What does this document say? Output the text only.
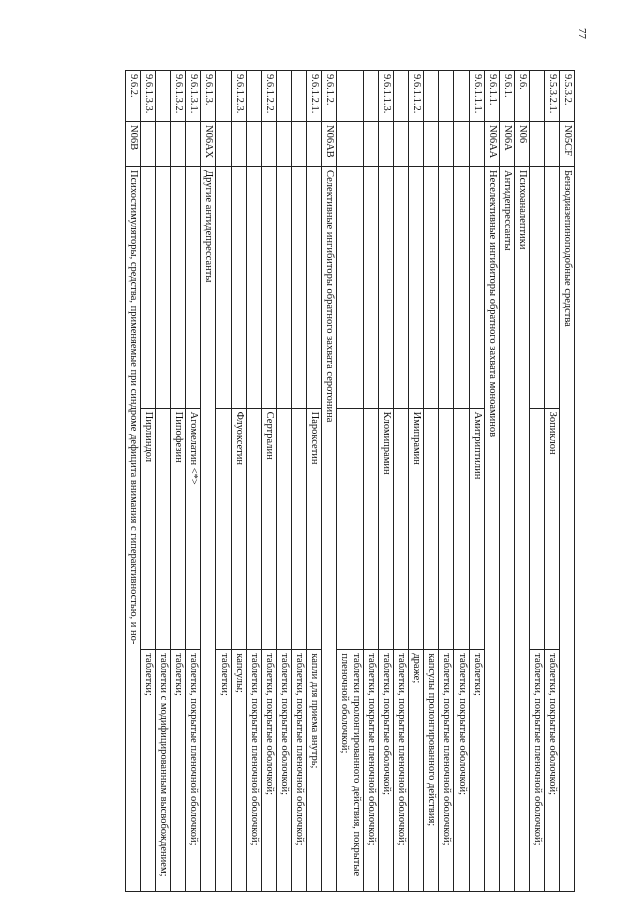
77
9.5.3.2.	N05CF	Бензодиазепиноподобные средства		
9.5.3.2.1.			Зопиклон	таблетки, покрытые оболочкой;
				таблетки, покрытые пленочной оболочкой;
9.6.	N06	Психоаналептики		
9.6.1.	N06A	Антидепрессанты		
9.6.1.1.	N06AA	Неселективные ингибиторы обратного захвата моноаминов		
9.6.1.1.1.			Амитриптилин	таблетки;
				таблетки, покрытые оболочкой;
				таблетки, покрытые пленочной оболочкой;
				капсулы пролонгированного действия;
9.6.1.1.2.			Имипрамин	драже;
				таблетки, покрытые пленочной оболочкой;
9.6.1.1.3.			Кломипрамин	таблетки, покрытые оболочкой;
				таблетки, покрытые пленочной оболочкой;
				таблетки пролонгированного действия, покрытые пленочной оболочкой;
9.6.1.2.	N06AB	Селективные ингибиторы обратного захвата серотонина		
9.6.1.2.1.			Пароксетин	капли для приема внутрь;
				таблетки, покрытые пленочной оболочкой;
				таблетки, покрытые оболочкой;
9.6.1.2.2.			Сертралин	таблетки, покрытые оболочкой;
				таблетки, покрытые пленочной оболочкой;
9.6.1.2.3.			Флуоксетин	капсулы;
				таблетки;
9.6.1.3.	N06AX	Другие антидепрессанты		
9.6.1.3.1.			Агомелатин <*>	таблетки, покрытые пленочной оболочкой;
9.6.1.3.2.			Пипофезин	таблетки;
				таблетки с модифицированным высвобождением;
9.6.1.3.3.			Пирлиндол	таблетки;
9.6.2.	N06B	Психостимуляторы, средства, применяемые при синдроме дефицита внимания с гиперактивностью, и но-		
